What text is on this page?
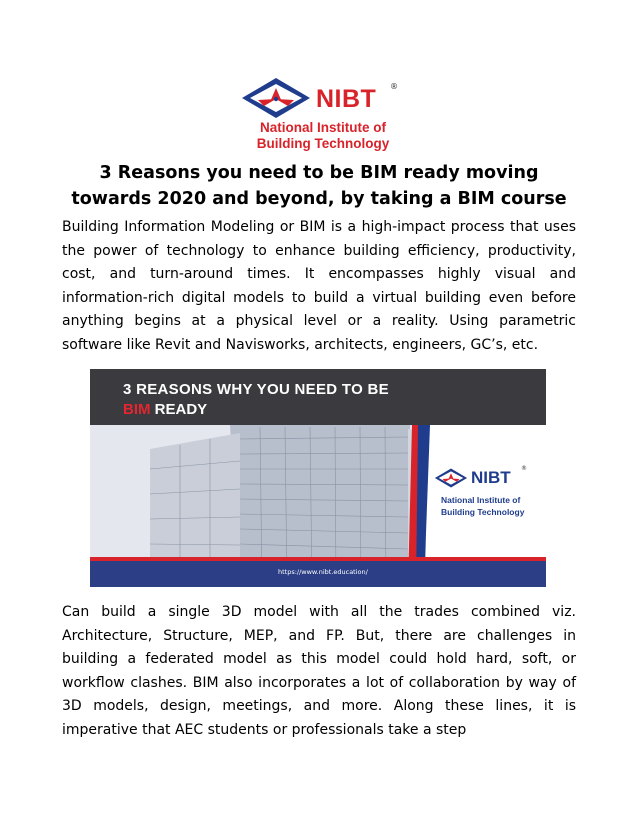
NIBT ®
National Institute of
Building Technology
3 Reasons you need to be BIM ready moving towards 2020 and beyond, by taking a BIM course

Building Information Modeling or BIM is a high-impact process that uses the power of technology to enhance building efficiency, productivity, cost, and turn-around times. It encompasses highly visual and information-rich digital models to build a virtual building even before anything begins at a physical level or a reality. Using parametric software like Revit and Navisworks, architects, engineers, GC’s, etc.

3 REASONS WHY YOU NEED TO BE
BIM READY
NIBT ®
National Institute of
Building Technology
https://www.nibt.education/

Can build a single 3D model with all the trades combined viz. Architecture, Structure, MEP, and FP. But, there are challenges in building a federated model as this model could hold hard, soft, or workflow clashes. BIM also incorporates a lot of collaboration by way of 3D models, design, meetings, and more. Along these lines, it is imperative that AEC students or professionals take a step
